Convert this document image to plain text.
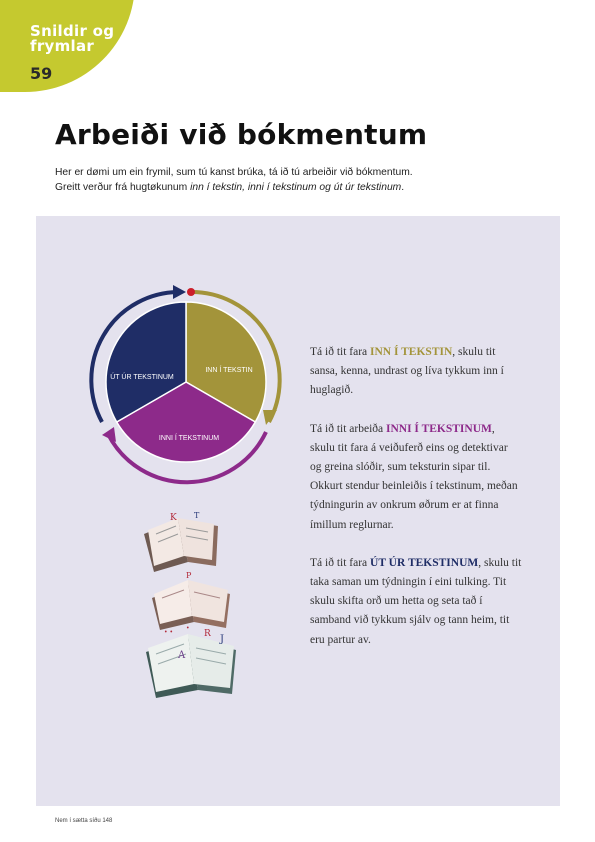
Snildir og
frymlar
59
Arbeiði við bókmentum
Her er dømi um ein frymil, sum tú kanst brúka, tá ið tú arbeiðir við bókmentum.
Greitt verður frá hugtøkunum inn í tekstin, inni í tekstinum og út úr tekstinum.
INN Í TEKSTIN
INNI Í TEKSTINUM
ÚT ÚR TEKSTINUM
K T
P
• •
A
R J
•

Tá ið tit fara INN Í TEKSTIN, skulu tit sansa, kenna, undrast og líva tykkum inn í huglagið.

Tá ið tit arbeiða INNI Í TEKSTINUM, skulu tit fara á veiðuferð eins og detektivar og greina slóðir, sum teksturin sipar til. Okkurt stendur beinleiðis í tekstinum, meðan týdningurin av onkrum øðrum er at finna ímillum reglurnar.

Tá ið tit fara ÚT ÚR TEKSTINUM, skulu tit taka saman um týdningin í eini tulking. Tit skulu skifta orð um hetta og seta tað í samband við tykkum sjálv og tann heim, tit eru partur av.

Nem í sætta síðu 148
